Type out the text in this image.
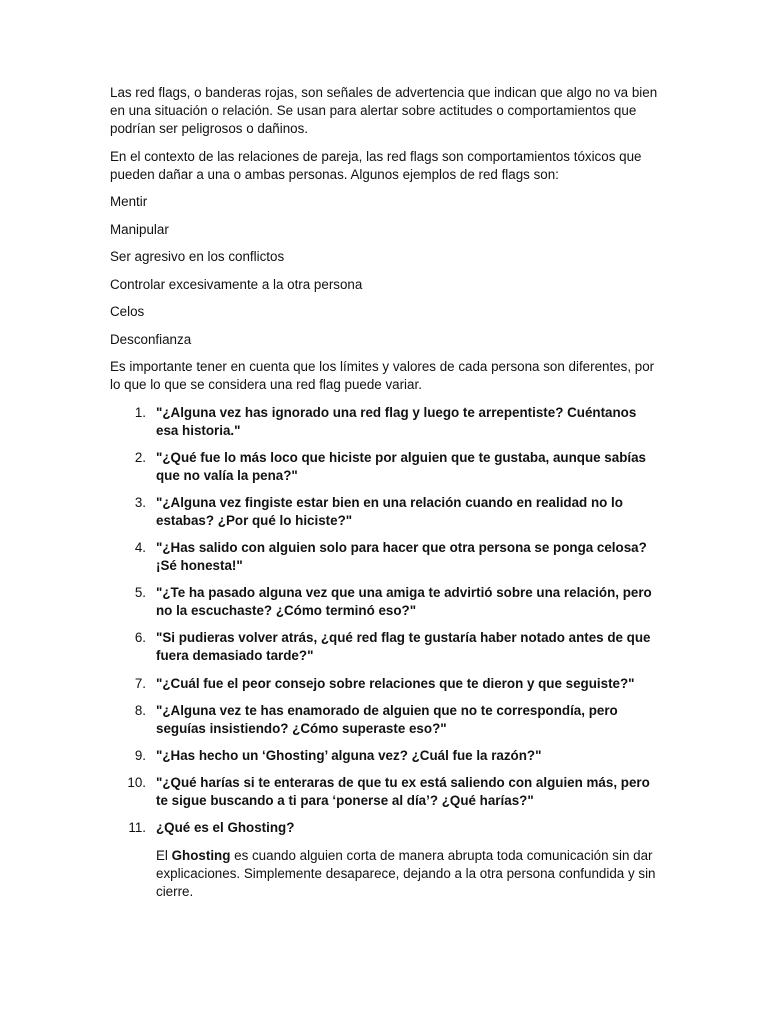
Las red flags, o banderas rojas, son señales de advertencia que indican que algo no va bien en una situación o relación. Se usan para alertar sobre actitudes o comportamientos que podrían ser peligrosos o dañinos.

En el contexto de las relaciones de pareja, las red flags son comportamientos tóxicos que pueden dañar a una o ambas personas. Algunos ejemplos de red flags son:

Mentir

Manipular

Ser agresivo en los conflictos

Controlar excesivamente a la otra persona

Celos

Desconfianza

Es importante tener en cuenta que los límites y valores de cada persona son diferentes, por lo que lo que se considera una red flag puede variar.

1. "¿Alguna vez has ignorado una red flag y luego te arrepentiste? Cuéntanos esa historia."
2. "¿Qué fue lo más loco que hiciste por alguien que te gustaba, aunque sabías que no valía la pena?"
3. "¿Alguna vez fingiste estar bien en una relación cuando en realidad no lo estabas? ¿Por qué lo hiciste?"
4. "¿Has salido con alguien solo para hacer que otra persona se ponga celosa? ¡Sé honesta!"
5. "¿Te ha pasado alguna vez que una amiga te advirtió sobre una relación, pero no la escuchaste? ¿Cómo terminó eso?"
6. "Si pudieras volver atrás, ¿qué red flag te gustaría haber notado antes de que fuera demasiado tarde?"
7. "¿Cuál fue el peor consejo sobre relaciones que te dieron y que seguiste?"
8. "¿Alguna vez te has enamorado de alguien que no te correspondía, pero seguías insistiendo? ¿Cómo superaste eso?"
9. "¿Has hecho un ‘Ghosting’ alguna vez? ¿Cuál fue la razón?"
10. "¿Qué harías si te enteraras de que tu ex está saliendo con alguien más, pero te sigue buscando a ti para ‘ponerse al día’? ¿Qué harías?"
11. ¿Qué es el Ghosting?

El Ghosting es cuando alguien corta de manera abrupta toda comunicación sin dar explicaciones. Simplemente desaparece, dejando a la otra persona confundida y sin cierre.
